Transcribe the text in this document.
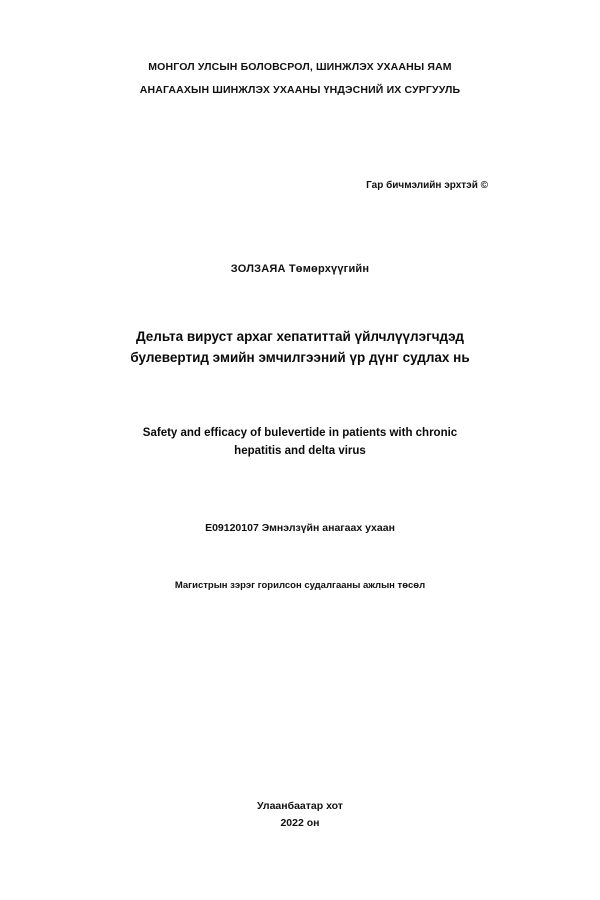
МОНГОЛ УЛСЫН БОЛОВСРОЛ, ШИНЖЛЭХ УХААНЫ ЯАМ
АНАГААХЫН ШИНЖЛЭХ УХААНЫ ҮНДЭСНИЙ ИХ СУРГУУЛЬ
Гар бичмэлийн эрхтэй ©
ЗОЛЗАЯА Төмөрхүүгийн
Дельта вируст архаг хепатиттай үйлчлүүлэгчдэд
булевертид эмийн эмчилгээний үр дүнг судлах нь
Safety and efficacy of bulevertide in patients with chronic
hepatitis and delta virus
E09120107 Эмнэлзүйн анагаах ухаан
Магистрын зэрэг горилсон судалгааны ажлын төсөл
Улаанбаатар хот
2022 он
